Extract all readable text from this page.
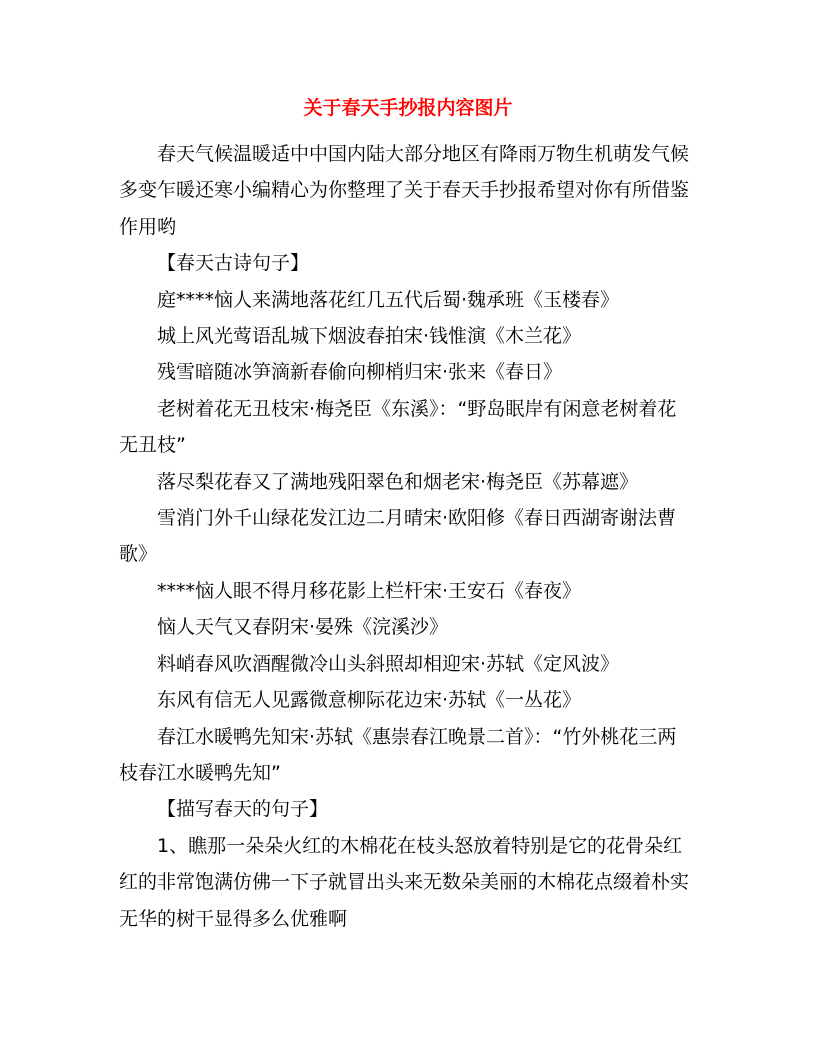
关于春天手抄报内容图片

春天气候温暖适中中国内陆大部分地区有降雨万物生机萌发气候多变乍暖还寒小编精心为你整理了关于春天手抄报希望对你有所借鉴作用哟

【春天古诗句子】

庭****恼人来满地落花红几五代后蜀·魏承班《玉楼春》

城上风光莺语乱城下烟波春拍宋·钱惟演《木兰花》

残雪暗随冰笋滴新春偷向柳梢归宋·张来《春日》

老树着花无丑枝宋·梅尧臣《东溪》：“野岛眠岸有闲意老树着花无丑枝”

落尽梨花春又了满地残阳翠色和烟老宋·梅尧臣《苏幕遮》

雪消门外千山绿花发江边二月晴宋·欧阳修《春日西湖寄谢法曹歌》

****恼人眼不得月移花影上栏杆宋·王安石《春夜》

恼人天气又春阴宋·晏殊《浣溪沙》

料峭春风吹酒醒微冷山头斜照却相迎宋·苏轼《定风波》

东风有信无人见露微意柳际花边宋·苏轼《一丛花》

春江水暖鸭先知宋·苏轼《惠崇春江晚景二首》：“竹外桃花三两枝春江水暖鸭先知”

【描写春天的句子】

1、瞧那一朵朵火红的木棉花在枝头怒放着特别是它的花骨朵红红的非常饱满仿佛一下子就冒出头来无数朵美丽的木棉花点缀着朴实无华的树干显得多么优雅啊
